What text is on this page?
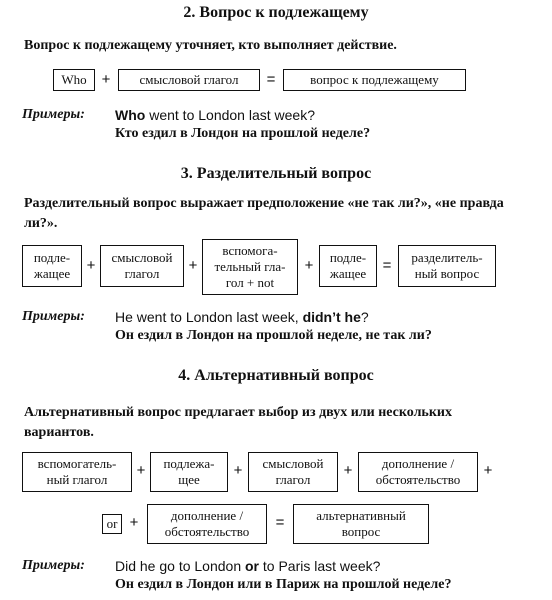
2. Вопрос к подлежащему
Вопрос к подлежащему уточняет, кто выполняет действие.
Who + смысловой глагол =	вопрос к подлежащему
Примеры: Who went to London last week?
Кто ездил в Лондон на прошлой неделе?
3. Разделительный вопрос
Разделительный вопрос выражает предположение «не так ли?», «не правда ли?».
подле-
жащее + смысловой
глагол	+
вспомога-
тельный гла-
гол + not
+ подле-
жащее = разделитель-
ный вопрос
Примеры: He went to London last week, didn’t he?
Он ездил в Лондон на прошлой неделе, не так ли?
4. Альтернативный вопрос
Альтернативный вопрос предлагает выбор из двух или нескольких вариантов.
вспомогатель-
ный глагол
+ подлежа-
щее
+ смысловой
глагол
+	дополнение /
обстоятельство
+
or +	дополнение /
обстоятельство
= альтернативный
вопрос
Примеры: Did he go to London or to Paris last week?
Он ездил в Лондон или в Париж на прошлой неделе?
